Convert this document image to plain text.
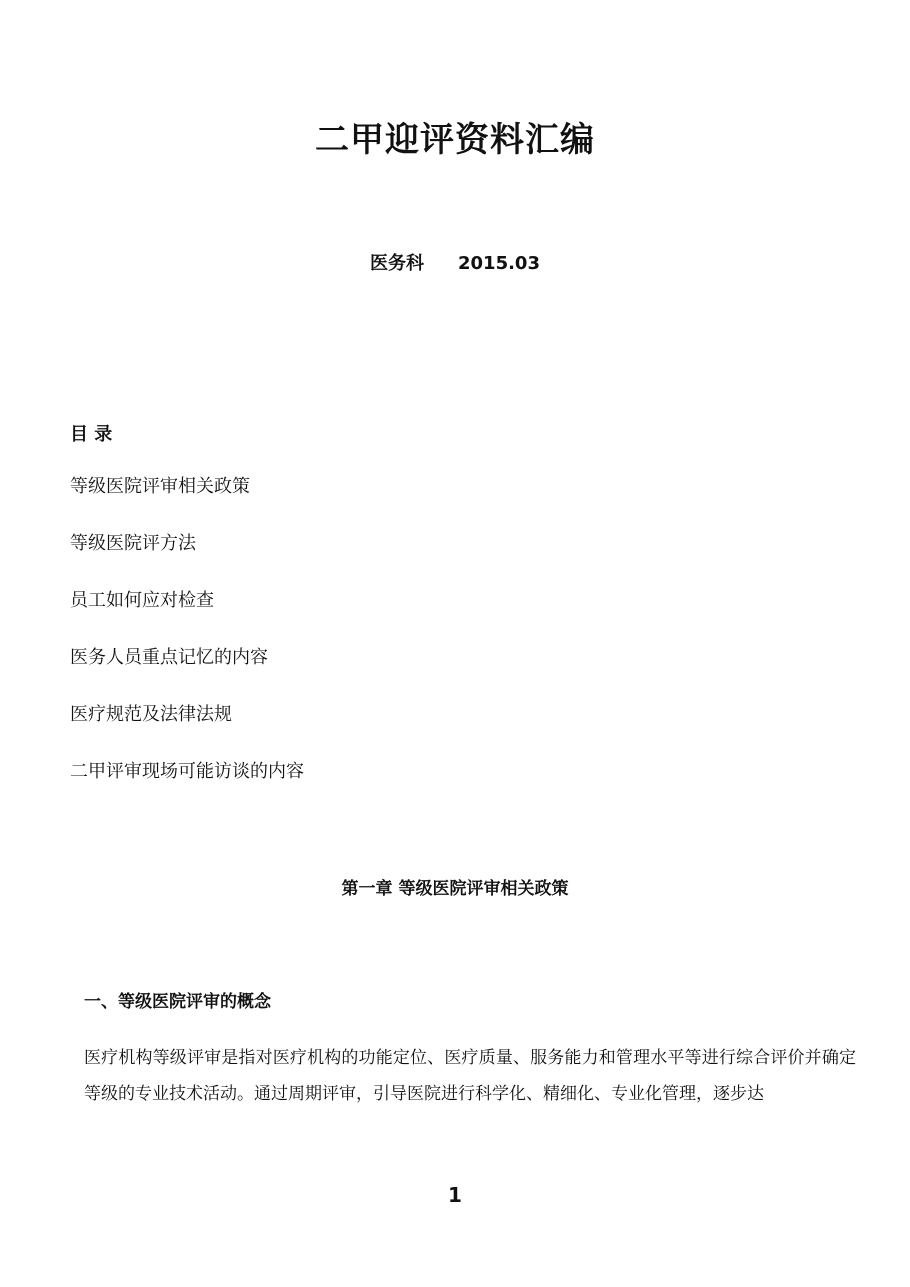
二甲迎评资料汇编
医务科 2015.03
目 录
等级医院评审相关政策
等级医院评方法
员工如何应对检查
医务人员重点记忆的内容
医疗规范及法律法规
二甲评审现场可能访谈的内容
第一章 等级医院评审相关政策
一、等级医院评审的概念

医疗机构等级评审是指对医疗机构的功能定位、医疗质量、服务能力和管理水平等进行综合评价并确定等级的专业技术活动。通过周期评审，引导医院进行科学化、精细化、专业化管理，逐步达

1
